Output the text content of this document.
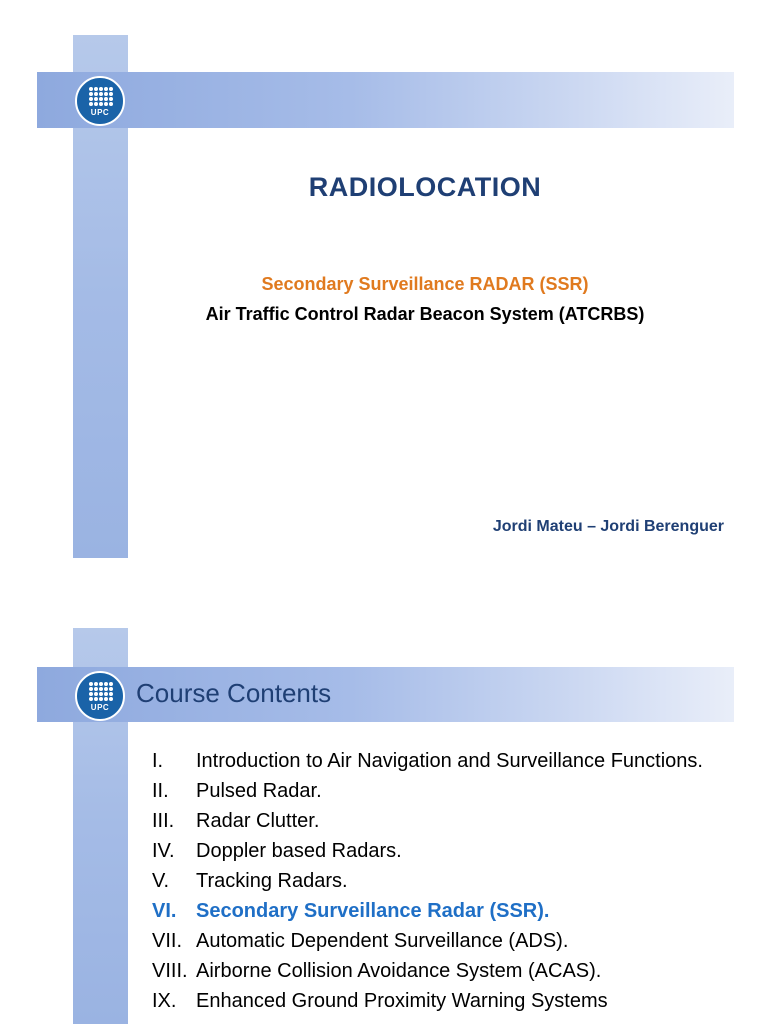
UPC
RADIOLOCATION
Secondary Surveillance RADAR (SSR)
Air Traffic Control Radar Beacon System (ATCRBS)
Jordi Mateu – Jordi Berenguer
UPC	Course Contents
I. Introduction to Air Navigation and Surveillance Functions.
II. Pulsed Radar.
III. Radar Clutter.
IV. Doppler based Radars.
V. Tracking Radars.
VI. Secondary Surveillance Radar (SSR).
VII. Automatic Dependent Surveillance (ADS).
VIII. Airborne Collision Avoidance System (ACAS).
IX. Enhanced Ground Proximity Warning Systems
